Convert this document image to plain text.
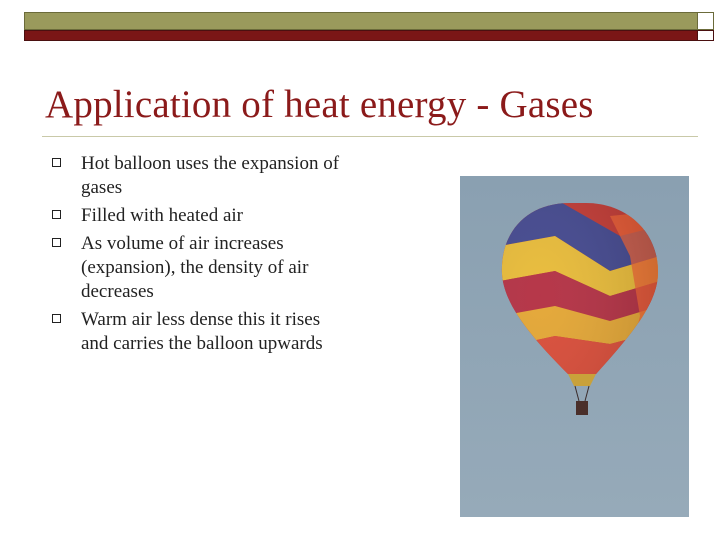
Application of heat energy - Gases
Hot balloon uses the expansion of gases
Filled with heated air
As volume of air increases (expansion), the density of air decreases
Warm air less dense this it rises and carries the balloon upwards
